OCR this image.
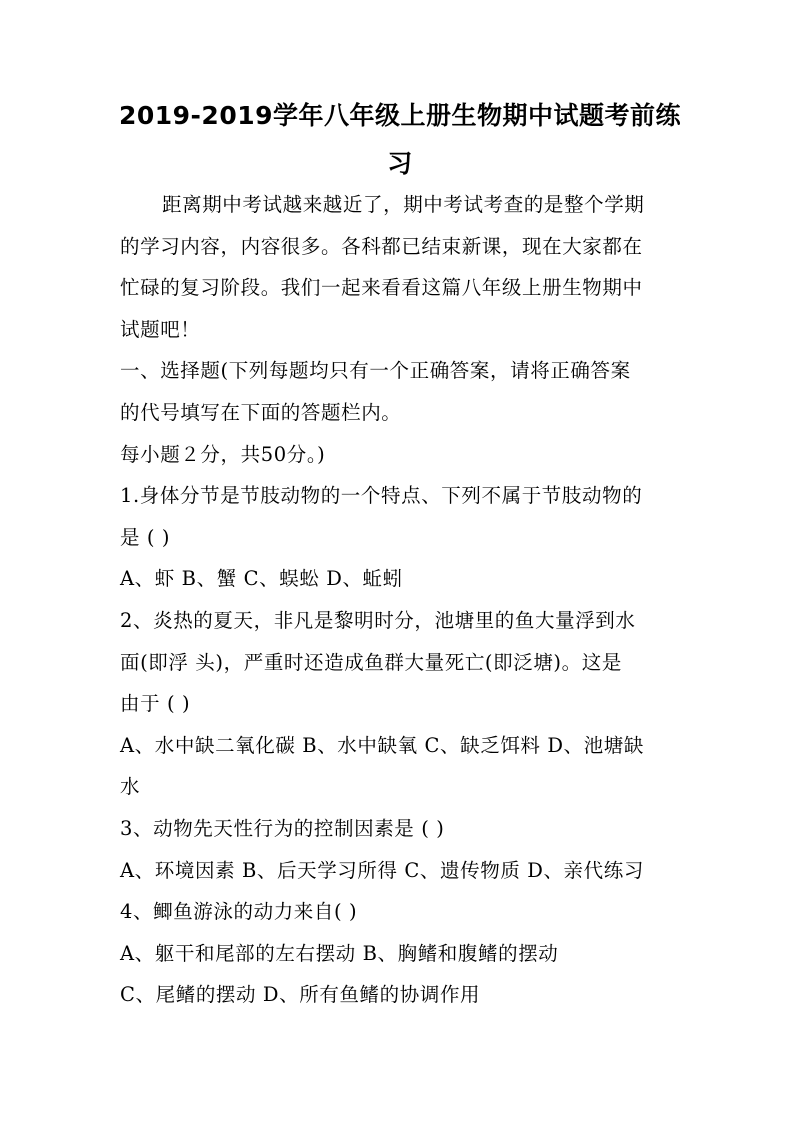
2019-2019学年八年级上册生物期中试题考前练
习
距离期中考试越来越近了，期中考试考查的是整个学期
的学习内容，内容很多。各科都已结束新课，现在大家都在
忙碌的复习阶段。我们一起来看看这篇八年级上册生物期中
试题吧！
一、选择题(下列每题均只有一个正确答案，请将正确答案
的代号填写在下面的答题栏内。
每小题２分，共50分。)
1.身体分节是节肢动物的一个特点、下列不属于节肢动物的
是 ( )
A、虾 B、蟹 C、蜈蚣 D、蚯蚓
2、炎热的夏天，非凡是黎明时分，池塘里的鱼大量浮到水
面(即浮 头)，严重时还造成鱼群大量死亡(即泛塘)。这是
由于 ( )
A、水中缺二氧化碳 B、水中缺氧 C、缺乏饵料 D、池塘缺
水
3、动物先天性行为的控制因素是 ( )
A、环境因素 B、后天学习所得 C、遗传物质 D、亲代练习
4、鲫鱼游泳的动力来自( )
A、躯干和尾部的左右摆动 B、胸鳍和腹鳍的摆动
C、尾鳍的摆动 D、所有鱼鳍的协调作用
